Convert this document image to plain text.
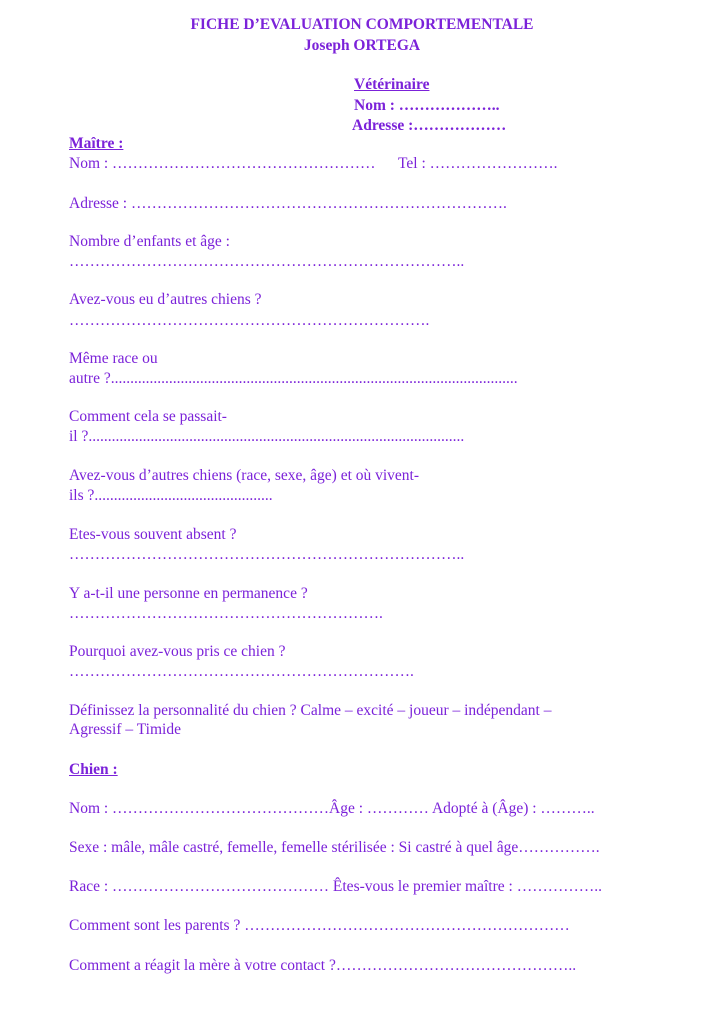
FICHE D’EVALUATION COMPORTEMENTALE
Joseph ORTEGA
Vétérinaire
Nom : ………………..
Adresse :………………
Maître :
Nom : …………………………………………… Tel : …………………….
Adresse : ……………………………………………………………….
Nombre d’enfants et âge :
…………………………………………………………………..
Avez-vous eu d’autres chiens ?
…………………………………………………………….
Même race ou
autre ?.........................................................................................................
Comment cela se passait-
il ?.................................................................................................
Avez-vous d’autres chiens (race, sexe, âge) et où vivent-
ils ?..............................................
Etes-vous souvent absent ?
…………………………………………………………………..
Y a-t-il une personne en permanence ?
…………………………………………………….
Pourquoi avez-vous pris ce chien ?
………………………………………………………….
Définissez la personnalité du chien ? Calme – excité – joueur – indépendant –
Agressif – Timide
Chien :
Nom : ……………………………………Âge : ………… Adopté à (Âge) : ………..
Sexe : mâle, mâle castré, femelle, femelle stérilisée : Si castré à quel âge…………….
Race : …………………………………… Êtes-vous le premier maître : ……………..
Comment sont les parents ? ………………………………………………………
Comment a réagit la mère à votre contact ?………………………………………..
